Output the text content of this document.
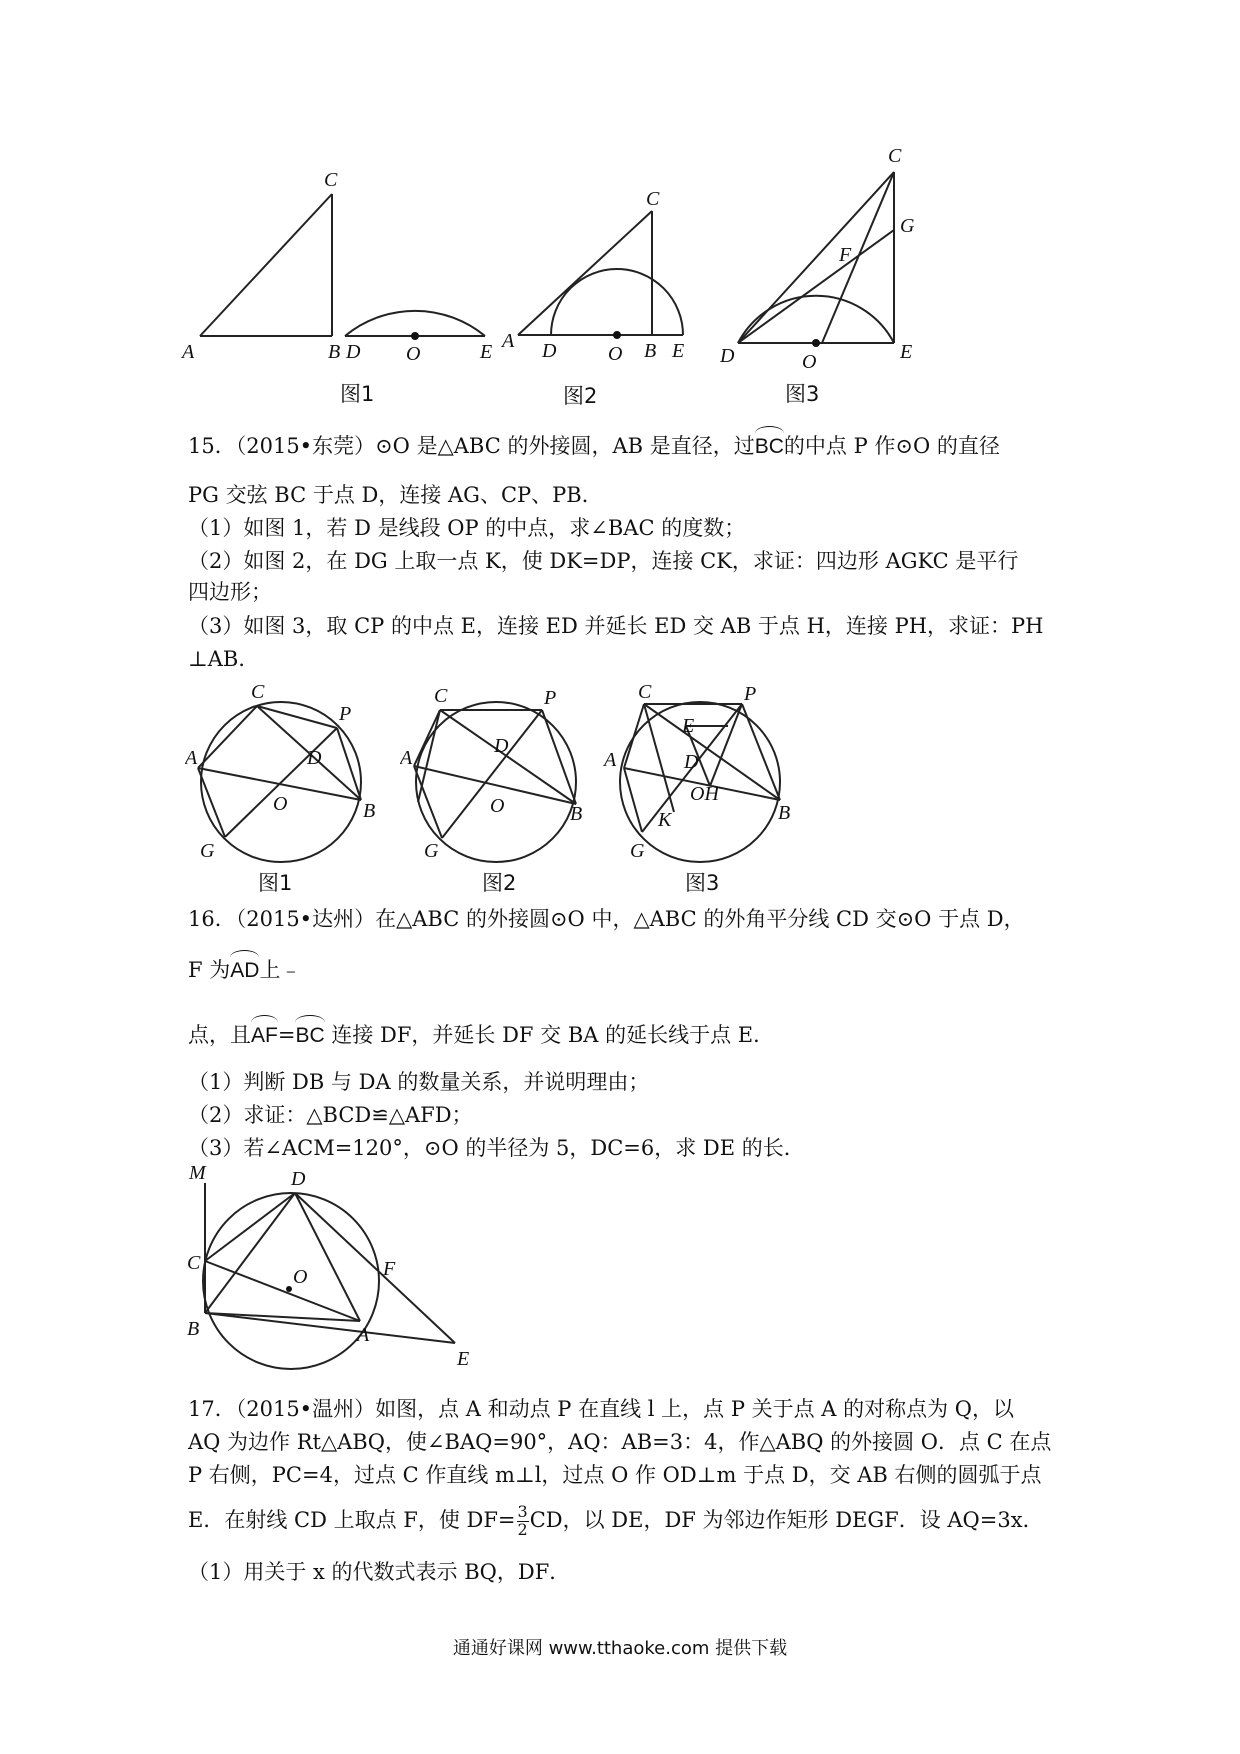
C
A	B D O	E
图1
C
A D	O B E
图2
C
G
F
D	O	E
图3
15．（2015•东莞）⊙O 是△ABC 的外接圆，AB 是直径，过BC的中点 P 作⊙O 的直径
PG 交弦 BC 于点 D，连接 AG、CP、PB．
（1）如图 1，若 D 是线段 OP 的中点，求∠BAC 的度数；
（2）如图 2，在 DG 上取一点 K，使 DK=DP，连接 CK，求证：四边形 AGKC 是平行
四边形；
（3）如图 3，取 CP 的中点 E，连接 ED 并延长 ED 交 AB 于点 H，连接 PH，求证：PH
⊥AB．
C
P
A	D
O	B
G
图1
C	P
A
D
O	B
G
图2
C	P
E
A	D
OH
K	B
G
图3
16．（2015•达州）在△ABC 的外接圆⊙O 中，△ABC 的外角平分线 CD 交⊙O 于点 D，
F 为AD上﹣
点，且AF=BC 连接 DF，并延长 DF 交 BA 的延长线于点 E．
（1）判断 DB 与 DA 的数量关系，并说明理由；
（2）求证：△BCD≌△AFD；
（3）若∠ACM=120°，⊙O 的半径为 5，DC=6，求 DE 的长．
M	D
C
O	F
B	A
E
17．（2015•温州）如图，点 A 和动点 P 在直线 l 上，点 P 关于点 A 的对称点为 Q，以
AQ 为边作 Rt△ABQ，使∠BAQ=90°，AQ：AB=3：4，作△ABQ 的外接圆 O．点 C 在点
P 右侧，PC=4，过点 C 作直线 m⊥l，过点 O 作 OD⊥m 于点 D，交 AB 右侧的圆弧于点
E．在射线 CD 上取点 F，使 $DF= \frac{3}{2}$ CD，以 DE，DF 为邻边作矩形 DEGF．设 AQ=3x．
（1）用关于 x 的代数式表示 BQ，DF．
通通好课网 www.tthaoke.com 提供下载
